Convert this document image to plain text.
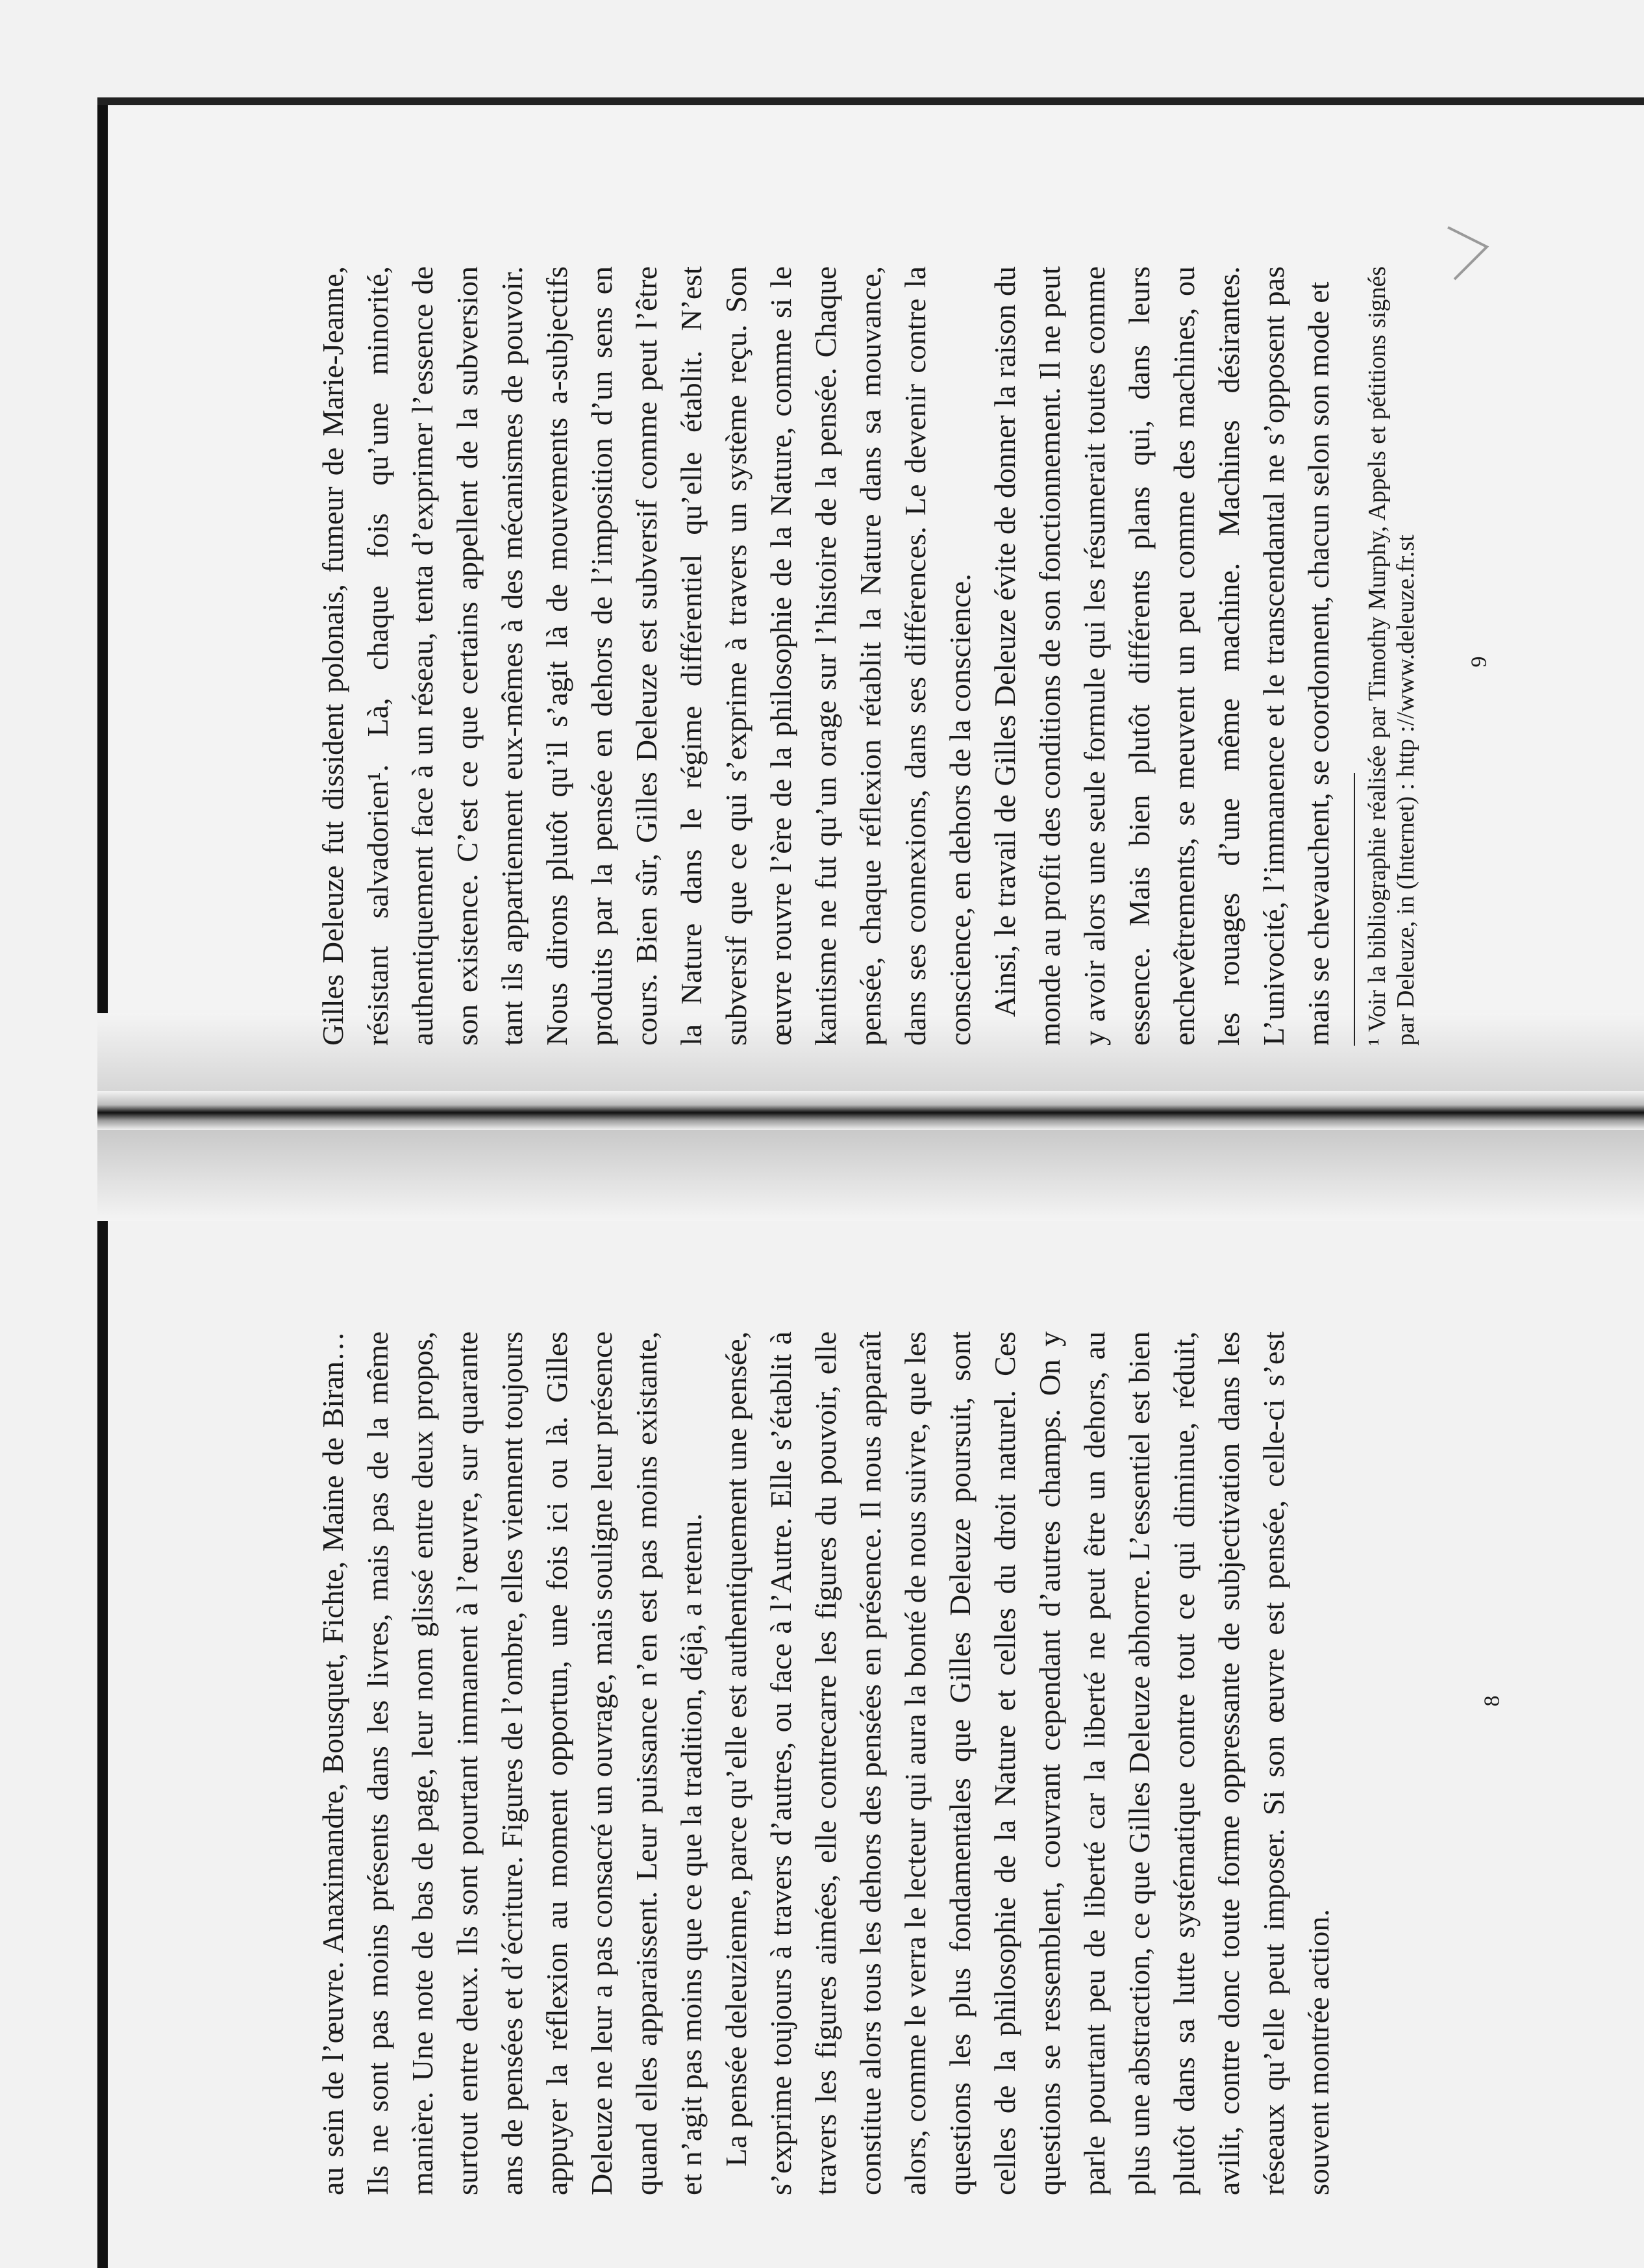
au sein de l’œuvre. Anaximandre, Bousquet, Fichte, Maine de Biran… Ils ne sont pas moins présents dans les livres, mais pas de la même manière. Une note de bas de page, leur nom glissé entre deux propos, surtout entre deux. Ils sont pourtant immanent à l’œuvre, sur quarante ans de pensées et d’écriture. Figures de l’ombre, elles viennent toujours appuyer la réflexion au moment opportun, une fois ici ou là. Gilles Deleuze ne leur a pas consacré un ouvrage, mais souligne leur présence quand elles apparaissent. Leur puissance n’en est pas moins existante, et n’agit pas moins que ce que la tradition, déjà, a retenu. La pensée deleuzienne, parce qu’elle est authentiquement une pensée, s’exprime toujours à travers d’autres, ou face à l’Autre. Elle s’établit à travers les figures aimées, elle contrecarre les figures du pouvoir, elle constitue alors tous les dehors des pensées en présence. Il nous apparaît alors, comme le verra le lecteur qui aura la bonté de nous suivre, que les questions les plus fondamentales que Gilles Deleuze poursuit, sont celles de la philosophie de la Nature et celles du droit naturel. Ces questions se ressemblent, couvrant cependant d’autres champs. On y parle pourtant peu de liberté car la liberté ne peut être un dehors, au plus une abstraction, ce que Gilles Deleuze abhorre. L’essentiel est bien plutôt dans sa lutte systématique contre tout ce qui diminue, réduit, avilit, contre donc toute forme oppressante de subjectivation dans les réseaux qu’elle peut imposer. Si son œuvre est pensée, celle-ci s’est souvent montrée action.

8

Gilles Deleuze fut dissident polonais, fumeur de Marie-Jeanne, résistant salvadorien¹. Là, chaque fois qu’une minorité, authentiquement face à un réseau, tenta d’exprimer l’essence de son existence. C’est ce que certains appellent de la subversion tant ils appartiennent eux-mêmes à des mécanismes de pouvoir. Nous dirons plutôt qu’il s’agit là de mouvements a-subjectifs produits par la pensée en dehors de l’imposition d’un sens en cours. Bien sûr, Gilles Deleuze est subversif comme peut l’être la Nature dans le régime différentiel qu’elle établit. N’est subversif que ce qui s’exprime à travers un système reçu. Son œuvre rouvre l’ère de la philosophie de la Nature, comme si le kantisme ne fut qu’un orage sur l’histoire de la pensée. Chaque pensée, chaque réflexion rétablit la Nature dans sa mouvance, dans ses connexions, dans ses différences. Le devenir contre la conscience, en dehors de la conscience. Ainsi, le travail de Gilles Deleuze évite de donner la raison du monde au profit des conditions de son fonctionnement. Il ne peut y avoir alors une seule formule qui les résumerait toutes comme essence. Mais bien plutôt différents plans qui, dans leurs enchevêtrements, se meuvent un peu comme des machines, ou les rouages d’une même machine. Machines désirantes. L’univocité, l’immanence et le transcendantal ne s’opposent pas mais se chevauchent, se coordonnent, chacun selon son mode et ¹ Voir la bibliographie réalisée par Timothy Murphy, Appels et pétitions signés par Deleuze, in (Internet) : http ://www.deleuze.fr.st 9
